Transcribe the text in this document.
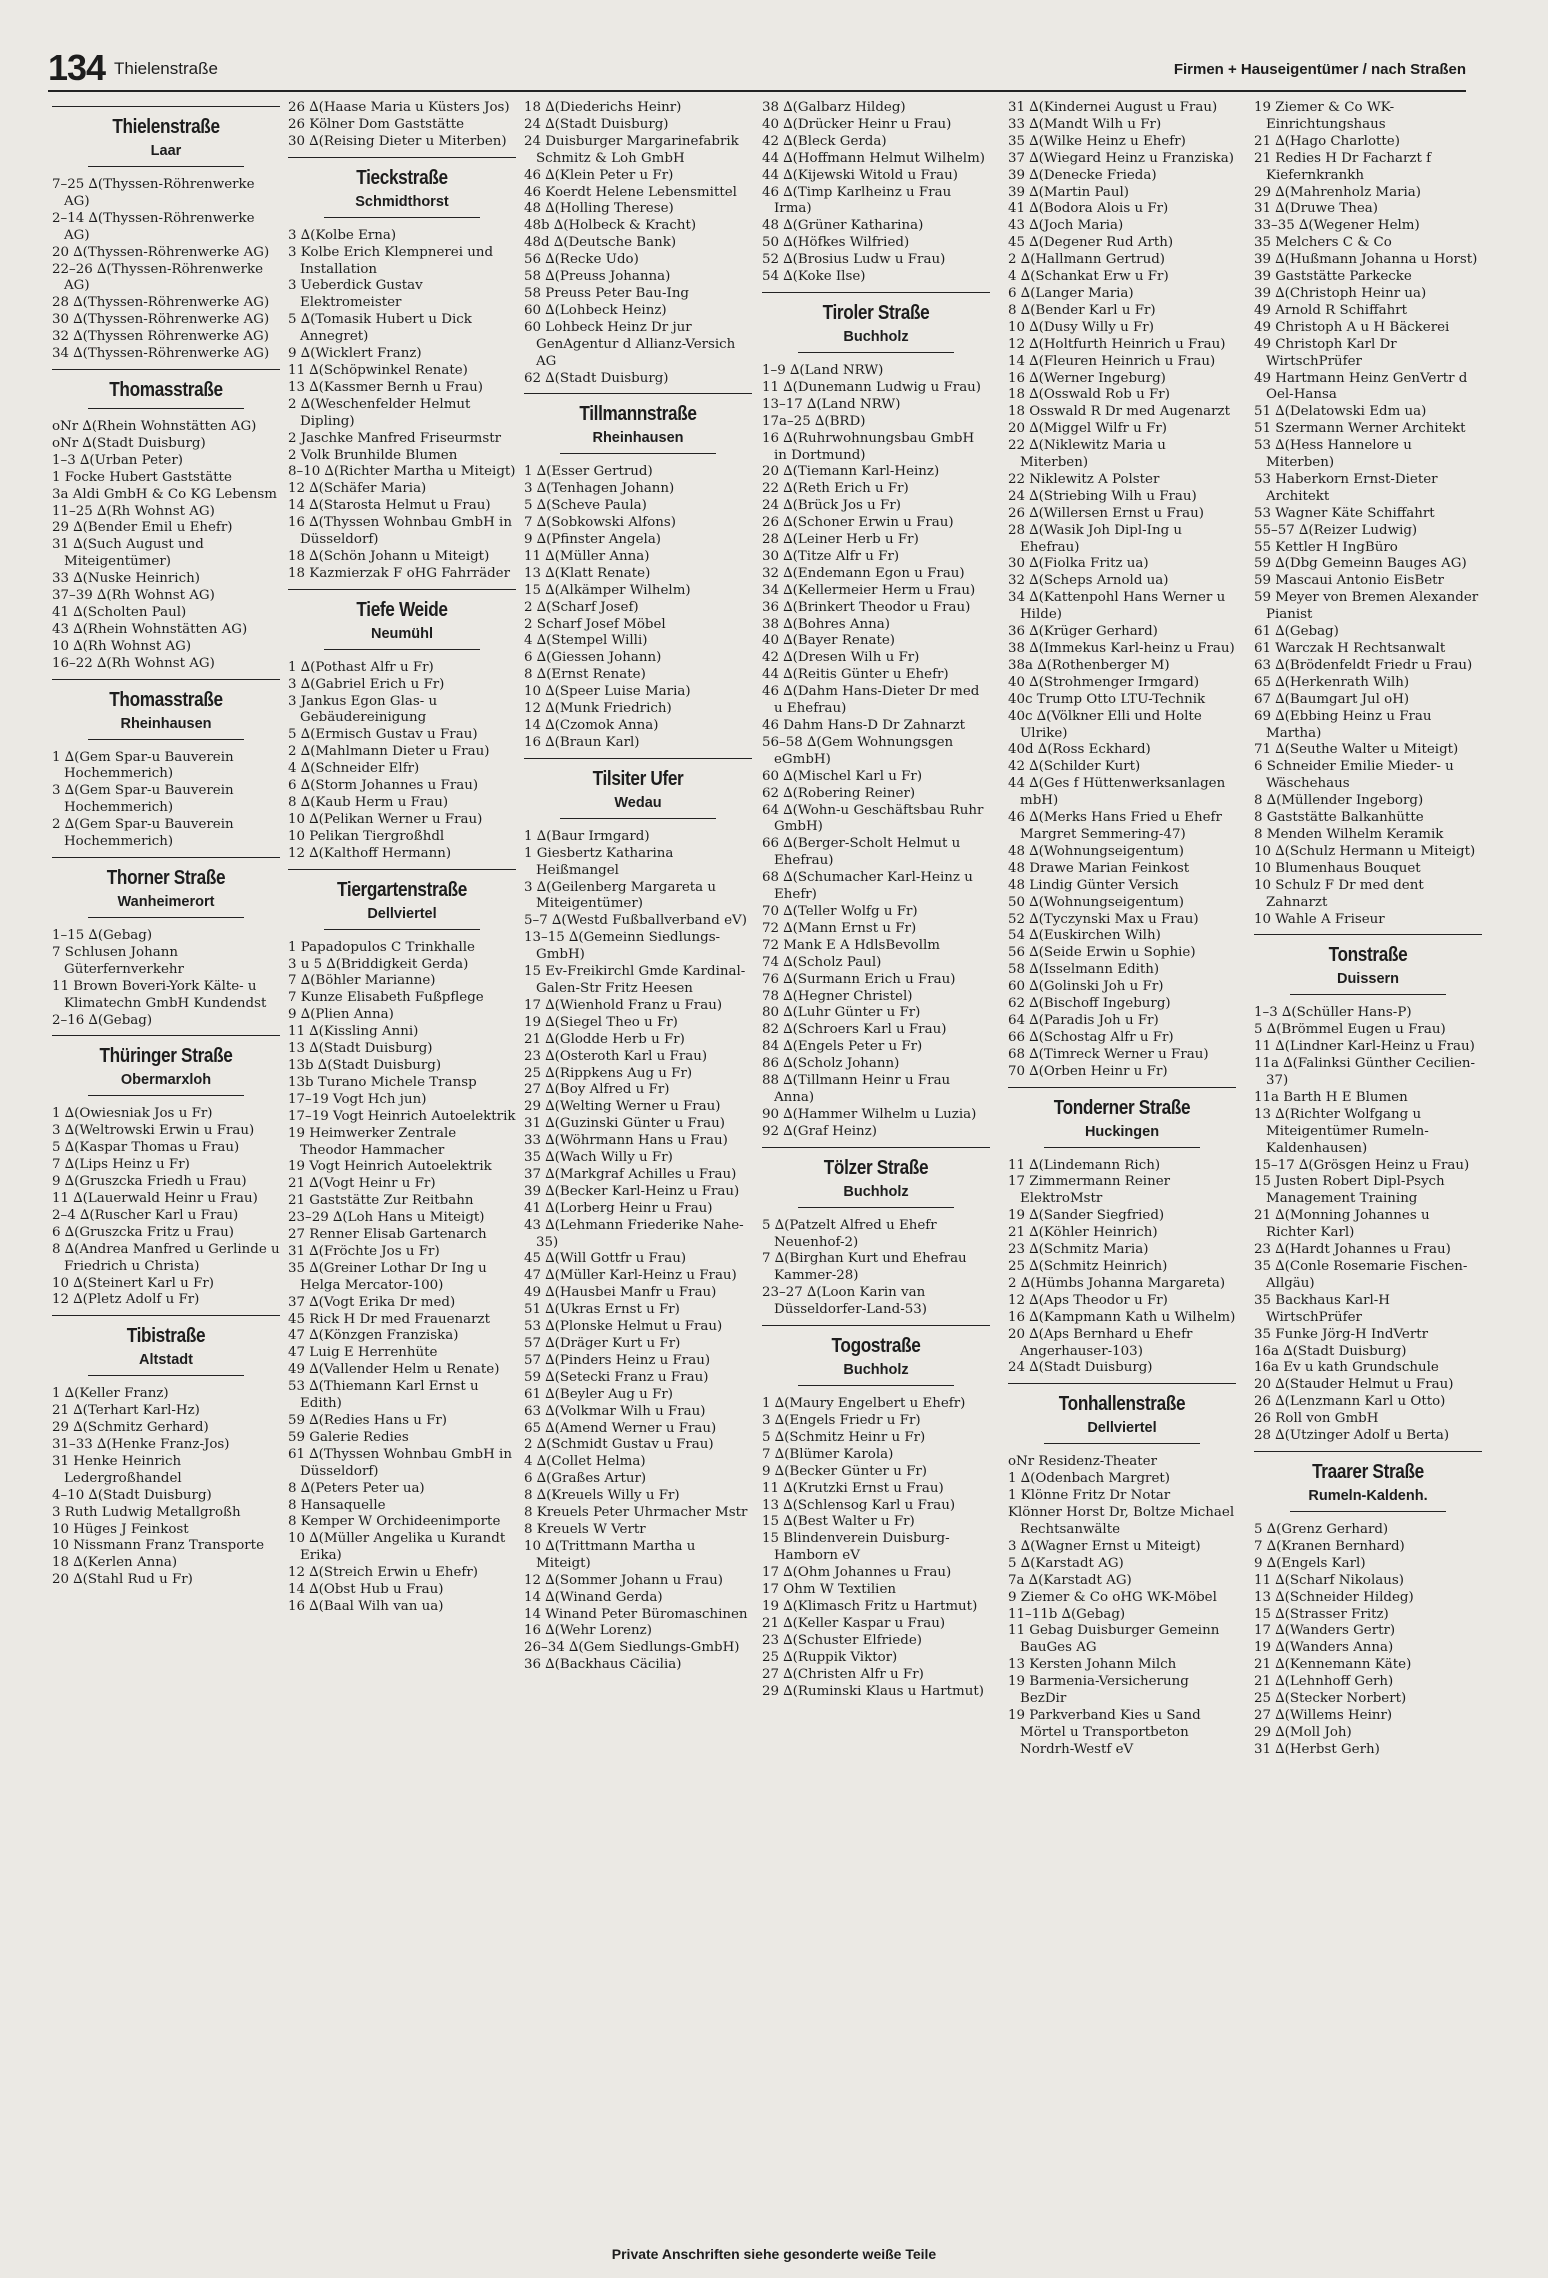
134 Thielenstraße	Firmen + Hauseigentümer / nach Straßen
Thielenstraße
Laar
7–25 ∆(Thyssen-Röhrenwerke AG)
2–14 ∆(Thyssen-Röhrenwerke AG)
20 ∆(Thyssen-Röhrenwerke AG)
22–26 ∆(Thyssen-Röhrenwerke AG)
28 ∆(Thyssen-Röhrenwerke AG)
30 ∆(Thyssen-Röhrenwerke AG)
32 ∆(Thyssen Röhrenwerke AG)
34 ∆(Thyssen-Röhrenwerke AG)
Thomasstraße
oNr ∆(Rhein Wohnstätten AG)
oNr ∆(Stadt Duisburg)
1–3 ∆(Urban Peter)
1 Focke Hubert Gaststätte
3a Aldi GmbH & Co KG Lebensm
11–25 ∆(Rh Wohnst AG)
29 ∆(Bender Emil u Ehefr)
31 ∆(Such August und Miteigentümer)
33 ∆(Nuske Heinrich)
37–39 ∆(Rh Wohnst AG)
41 ∆(Scholten Paul)
43 ∆(Rhein Wohnstätten AG)
10 ∆(Rh Wohnst AG)
16–22 ∆(Rh Wohnst AG)
Thomasstraße
Rheinhausen
1 ∆(Gem Spar-u Bauverein Hochemmerich)
3 ∆(Gem Spar-u Bauverein Hochemmerich)
2 ∆(Gem Spar-u Bauverein Hochemmerich)
Thorner Straße
Wanheimerort
1–15 ∆(Gebag)
7 Schlusen Johann Güterfernverkehr
11 Brown Boveri-York Kälte- u Klimatechn GmbH Kundendst
2–16 ∆(Gebag)
Thüringer Straße
Obermarxloh
1 ∆(Owiesniak Jos u Fr)
3 ∆(Weltrowski Erwin u Frau)
5 ∆(Kaspar Thomas u Frau)
7 ∆(Lips Heinz u Fr)
9 ∆(Gruszcka Friedh u Frau)
11 ∆(Lauerwald Heinr u Frau)
2–4 ∆(Ruscher Karl u Frau)
6 ∆(Gruszcka Fritz u Frau)
8 ∆(Andrea Manfred u Gerlinde u Friedrich u Christa)
10 ∆(Steinert Karl u Fr)
12 ∆(Pletz Adolf u Fr)
Tibistraße
Altstadt
1 ∆(Keller Franz)
21 ∆(Terhart Karl-Hz)
29 ∆(Schmitz Gerhard)
31–33 ∆(Henke Franz-Jos)
31 Henke Heinrich Ledergroßhandel
4–10 ∆(Stadt Duisburg)
3 Ruth Ludwig Metallgroßh
10 Hüges J Feinkost
10 Nissmann Franz Transporte
18 ∆(Kerlen Anna)
20 ∆(Stahl Rud u Fr)
26 ∆(Haase Maria u Küsters Jos)
26 Kölner Dom Gaststätte
30 ∆(Reising Dieter u Miterben)
Tieckstraße
Schmidthorst
3 ∆(Kolbe Erna)
3 Kolbe Erich Klempnerei und Installation
3 Ueberdick Gustav Elektromeister
5 ∆(Tomasik Hubert u Dick Annegret)
9 ∆(Wicklert Franz)
11 ∆(Schöpwinkel Renate)
13 ∆(Kassmer Bernh u Frau)
2 ∆(Weschenfelder Helmut Dipling)
2 Jaschke Manfred Friseurmstr
2 Volk Brunhilde Blumen
8–10 ∆(Richter Martha u Miteigt)
12 ∆(Schäfer Maria)
14 ∆(Starosta Helmut u Frau)
16 ∆(Thyssen Wohnbau GmbH in Düsseldorf)
18 ∆(Schön Johann u Miteigt)
18 Kazmierzak F oHG Fahrräder
Tiefe Weide
Neumühl
1 ∆(Pothast Alfr u Fr)
3 ∆(Gabriel Erich u Fr)
3 Jankus Egon Glas- u Gebäudereinigung
5 ∆(Ermisch Gustav u Frau)
2 ∆(Mahlmann Dieter u Frau)
4 ∆(Schneider Elfr)
6 ∆(Storm Johannes u Frau)
8 ∆(Kaub Herm u Frau)
10 ∆(Pelikan Werner u Frau)
10 Pelikan Tiergroßhdl
12 ∆(Kalthoff Hermann)
Tiergartenstraße
Dellviertel
1 Papadopulos C Trinkhalle
3 u 5 ∆(Briddigkeit Gerda)
7 ∆(Böhler Marianne)
7 Kunze Elisabeth Fußpflege
9 ∆(Plien Anna)
11 ∆(Kissling Anni)
13 ∆(Stadt Duisburg)
13b ∆(Stadt Duisburg)
13b Turano Michele Transp
17–19 Vogt Hch jun)
17–19 Vogt Heinrich Autoelektrik
19 Heimwerker Zentrale Theodor Hammacher
19 Vogt Heinrich Autoelektrik
21 ∆(Vogt Heinr u Fr)
21 Gaststätte Zur Reitbahn
23–29 ∆(Loh Hans u Miteigt)
27 Renner Elisab Gartenarch
31 ∆(Fröchte Jos u Fr)
35 ∆(Greiner Lothar Dr Ing u Helga Mercator-100)
37 ∆(Vogt Erika Dr med)
45 Rick H Dr med Frauenarzt
47 ∆(Könzgen Franziska)
47 Luig E Herrenhüte
49 ∆(Vallender Helm u Renate)
53 ∆(Thiemann Karl Ernst u Edith)
59 ∆(Redies Hans u Fr)
59 Galerie Redies
61 ∆(Thyssen Wohnbau GmbH in Düsseldorf)
8 ∆(Peters Peter ua)
8 Hansaquelle
8 Kemper W Orchideenimporte
10 ∆(Müller Angelika u Kurandt Erika)
12 ∆(Streich Erwin u Ehefr)
14 ∆(Obst Hub u Frau)
16 ∆(Baal Wilh van ua)
18 ∆(Diederichs Heinr)
24 ∆(Stadt Duisburg)
24 Duisburger Margarinefabrik Schmitz & Loh GmbH
46 ∆(Klein Peter u Fr)
46 Koerdt Helene Lebensmittel
48 ∆(Holling Therese)
48b ∆(Holbeck & Kracht)
48d ∆(Deutsche Bank)
56 ∆(Recke Udo)
58 ∆(Preuss Johanna)
58 Preuss Peter Bau-Ing
60 ∆(Lohbeck Heinz)
60 Lohbeck Heinz Dr jur GenAgentur d Allianz-Versich AG
62 ∆(Stadt Duisburg)
Tillmannstraße
Rheinhausen
1 ∆(Esser Gertrud)
3 ∆(Tenhagen Johann)
5 ∆(Scheve Paula)
7 ∆(Sobkowski Alfons)
9 ∆(Pfinster Angela)
11 ∆(Müller Anna)
13 ∆(Klatt Renate)
15 ∆(Alkämper Wilhelm)
2 ∆(Scharf Josef)
2 Scharf Josef Möbel
4 ∆(Stempel Willi)
6 ∆(Giessen Johann)
8 ∆(Ernst Renate)
10 ∆(Speer Luise Maria)
12 ∆(Munk Friedrich)
14 ∆(Czomok Anna)
16 ∆(Braun Karl)
Tilsiter Ufer
Wedau
1 ∆(Baur Irmgard)
1 Giesbertz Katharina Heißmangel
3 ∆(Geilenberg Margareta u Miteigentümer)
5–7 ∆(Westd Fußballverband eV)
13–15 ∆(Gemeinn Siedlungs-GmbH)
15 Ev-Freikirchl Gmde Kardinal-Galen-Str Fritz Heesen
17 ∆(Wienhold Franz u Frau)
19 ∆(Siegel Theo u Fr)
21 ∆(Glodde Herb u Fr)
23 ∆(Osteroth Karl u Frau)
25 ∆(Rippkens Aug u Fr)
27 ∆(Boy Alfred u Fr)
29 ∆(Welting Werner u Frau)
31 ∆(Guzinski Günter u Frau)
33 ∆(Wöhrmann Hans u Frau)
35 ∆(Wach Willy u Fr)
37 ∆(Markgraf Achilles u Frau)
39 ∆(Becker Karl-Heinz u Frau)
41 ∆(Lorberg Heinr u Frau)
43 ∆(Lehmann Friederike Nahe-35)
45 ∆(Will Gottfr u Frau)
47 ∆(Müller Karl-Heinz u Frau)
49 ∆(Hausbei Manfr u Frau)
51 ∆(Ukras Ernst u Fr)
53 ∆(Plonske Helmut u Frau)
57 ∆(Dräger Kurt u Fr)
57 ∆(Pinders Heinz u Frau)
59 ∆(Setecki Franz u Frau)
61 ∆(Beyler Aug u Fr)
63 ∆(Volkmar Wilh u Frau)
65 ∆(Amend Werner u Frau)
2 ∆(Schmidt Gustav u Frau)
4 ∆(Collet Helma)
6 ∆(Graßes Artur)
8 ∆(Kreuels Willy u Fr)
8 Kreuels Peter Uhrmacher Mstr
8 Kreuels W Vertr
10 ∆(Trittmann Martha u Miteigt)
12 ∆(Sommer Johann u Frau)
14 ∆(Winand Gerda)
14 Winand Peter Büromaschinen
16 ∆(Wehr Lorenz)
26–34 ∆(Gem Siedlungs-GmbH)
36 ∆(Backhaus Cäcilia)
38 ∆(Galbarz Hildeg)
40 ∆(Drücker Heinr u Frau)
42 ∆(Bleck Gerda)
44 ∆(Hoffmann Helmut Wilhelm)
44 ∆(Kijewski Witold u Frau)
46 ∆(Timp Karlheinz u Frau Irma)
48 ∆(Grüner Katharina)
50 ∆(Höfkes Wilfried)
52 ∆(Brosius Ludw u Frau)
54 ∆(Koke Ilse)
Tiroler Straße
Buchholz
1–9 ∆(Land NRW)
11 ∆(Dunemann Ludwig u Frau)
13–17 ∆(Land NRW)
17a–25 ∆(BRD)
16 ∆(Ruhrwohnungsbau GmbH in Dortmund)
20 ∆(Tiemann Karl-Heinz)
22 ∆(Reth Erich u Fr)
24 ∆(Brück Jos u Fr)
26 ∆(Schoner Erwin u Frau)
28 ∆(Leiner Herb u Fr)
30 ∆(Titze Alfr u Fr)
32 ∆(Endemann Egon u Frau)
34 ∆(Kellermeier Herm u Frau)
36 ∆(Brinkert Theodor u Frau)
38 ∆(Bohres Anna)
40 ∆(Bayer Renate)
42 ∆(Dresen Wilh u Fr)
44 ∆(Reitis Günter u Ehefr)
46 ∆(Dahm Hans-Dieter Dr med u Ehefrau)
46 Dahm Hans-D Dr Zahnarzt
56–58 ∆(Gem Wohnungsgen eGmbH)
60 ∆(Mischel Karl u Fr)
62 ∆(Robering Reiner)
64 ∆(Wohn-u Geschäftsbau Ruhr GmbH)
66 ∆(Berger-Scholt Helmut u Ehefrau)
68 ∆(Schumacher Karl-Heinz u Ehefr)
70 ∆(Teller Wolfg u Fr)
72 ∆(Mann Ernst u Fr)
72 Mank E A HdlsBevollm
74 ∆(Scholz Paul)
76 ∆(Surmann Erich u Frau)
78 ∆(Hegner Christel)
80 ∆(Luhr Günter u Fr)
82 ∆(Schroers Karl u Frau)
84 ∆(Engels Peter u Fr)
86 ∆(Scholz Johann)
88 ∆(Tillmann Heinr u Frau Anna)
90 ∆(Hammer Wilhelm u Luzia)
92 ∆(Graf Heinz)
Tölzer Straße
Buchholz
5 ∆(Patzelt Alfred u Ehefr Neuenhof-2)
7 ∆(Birghan Kurt und Ehefrau Kammer-28)
23–27 ∆(Loon Karin van Düsseldorfer-Land-53)
Togostraße
Buchholz
1 ∆(Maury Engelbert u Ehefr)
3 ∆(Engels Friedr u Fr)
5 ∆(Schmitz Heinr u Fr)
7 ∆(Blümer Karola)
9 ∆(Becker Günter u Fr)
11 ∆(Krutzki Ernst u Frau)
13 ∆(Schlensog Karl u Frau)
15 ∆(Best Walter u Fr)
15 Blindenverein Duisburg-Hamborn eV
17 ∆(Ohm Johannes u Frau)
17 Ohm W Textilien
19 ∆(Klimasch Fritz u Hartmut)
21 ∆(Keller Kaspar u Frau)
23 ∆(Schuster Elfriede)
25 ∆(Ruppik Viktor)
27 ∆(Christen Alfr u Fr)
29 ∆(Ruminski Klaus u Hartmut)
31 ∆(Kindernei August u Frau)
33 ∆(Mandt Wilh u Fr)
35 ∆(Wilke Heinz u Ehefr)
37 ∆(Wiegard Heinz u Franziska)
39 ∆(Denecke Frieda)
39 ∆(Martin Paul)
41 ∆(Bodora Alois u Fr)
43 ∆(Joch Maria)
45 ∆(Degener Rud Arth)
2 ∆(Hallmann Gertrud)
4 ∆(Schankat Erw u Fr)
6 ∆(Langer Maria)
8 ∆(Bender Karl u Fr)
10 ∆(Dusy Willy u Fr)
12 ∆(Holtfurth Heinrich u Frau)
14 ∆(Fleuren Heinrich u Frau)
16 ∆(Werner Ingeburg)
18 ∆(Osswald Rob u Fr)
18 Osswald R Dr med Augenarzt
20 ∆(Miggel Wilfr u Fr)
22 ∆(Niklewitz Maria u Miterben)
22 Niklewitz A Polster
24 ∆(Striebing Wilh u Frau)
26 ∆(Willersen Ernst u Frau)
28 ∆(Wasik Joh Dipl-Ing u Ehefrau)
30 ∆(Fiolka Fritz ua)
32 ∆(Scheps Arnold ua)
34 ∆(Kattenpohl Hans Werner u Hilde)
36 ∆(Krüger Gerhard)
38 ∆(Immekus Karl-heinz u Frau)
38a ∆(Rothenberger M)
40 ∆(Strohmenger Irmgard)
40c Trump Otto LTU-Technik
40c ∆(Völkner Elli und Holte Ulrike)
40d ∆(Ross Eckhard)
42 ∆(Schilder Kurt)
44 ∆(Ges f Hüttenwerksanlagen mbH)
46 ∆(Merks Hans Fried u Ehefr Margret Semmering-47)
48 ∆(Wohnungseigentum)
48 Drawe Marian Feinkost
48 Lindig Günter Versich
50 ∆(Wohnungseigentum)
52 ∆(Tyczynski Max u Frau)
54 ∆(Euskirchen Wilh)
56 ∆(Seide Erwin u Sophie)
58 ∆(Isselmann Edith)
60 ∆(Golinski Joh u Fr)
62 ∆(Bischoff Ingeburg)
64 ∆(Paradis Joh u Fr)
66 ∆(Schostag Alfr u Fr)
68 ∆(Timreck Werner u Frau)
70 ∆(Orben Heinr u Fr)
Tonderner Straße
Huckingen
11 ∆(Lindemann Rich)
17 Zimmermann Reiner ElektroMstr
19 ∆(Sander Siegfried)
21 ∆(Köhler Heinrich)
23 ∆(Schmitz Maria)
25 ∆(Schmitz Heinrich)
2 ∆(Hümbs Johanna Margareta)
12 ∆(Aps Theodor u Fr)
16 ∆(Kampmann Kath u Wilhelm)
20 ∆(Aps Bernhard u Ehefr Angerhauser-103)
24 ∆(Stadt Duisburg)
Tonhallenstraße
Dellviertel
oNr Residenz-Theater
1 ∆(Odenbach Margret)
1 Klönne Fritz Dr Notar
Klönner Horst Dr, Boltze Michael Rechtsanwälte
3 ∆(Wagner Ernst u Miteigt)
5 ∆(Karstadt AG)
7a ∆(Karstadt AG)
9 Ziemer & Co oHG WK-Möbel
11–11b ∆(Gebag)
11 Gebag Duisburger Gemeinn BauGes AG
13 Kersten Johann Milch
19 Barmenia-Versicherung BezDir
19 Parkverband Kies u Sand Mörtel u Transportbeton Nordrh-Westf eV
19 Ziemer & Co WK-Einrichtungshaus
21 ∆(Hago Charlotte)
21 Redies H Dr Facharzt f Kiefernkrankh
29 ∆(Mahrenholz Maria)
31 ∆(Druwe Thea)
33–35 ∆(Wegener Helm)
35 Melchers C & Co
39 ∆(Hußmann Johanna u Horst)
39 Gaststätte Parkecke
39 ∆(Christoph Heinr ua)
49 Arnold R Schiffahrt
49 Christoph A u H Bäckerei
49 Christoph Karl Dr WirtschPrüfer
49 Hartmann Heinz GenVertr d Oel-Hansa
51 ∆(Delatowski Edm ua)
51 Szermann Werner Architekt
53 ∆(Hess Hannelore u Miterben)
53 Haberkorn Ernst-Dieter Architekt
53 Wagner Käte Schiffahrt
55–57 ∆(Reizer Ludwig)
55 Kettler H IngBüro
59 ∆(Dbg Gemeinn Bauges AG)
59 Mascaui Antonio EisBetr
59 Meyer von Bremen Alexander Pianist
61 ∆(Gebag)
61 Warczak H Rechtsanwalt
63 ∆(Brödenfeldt Friedr u Frau)
65 ∆(Herkenrath Wilh)
67 ∆(Baumgart Jul oH)
69 ∆(Ebbing Heinz u Frau Martha)
71 ∆(Seuthe Walter u Miteigt)
6 Schneider Emilie Mieder- u Wäschehaus
8 ∆(Müllender Ingeborg)
8 Gaststätte Balkanhütte
8 Menden Wilhelm Keramik
10 ∆(Schulz Hermann u Miteigt)
10 Blumenhaus Bouquet
10 Schulz F Dr med dent Zahnarzt
10 Wahle A Friseur
Tonstraße
Duissern
1–3 ∆(Schüller Hans-P)
5 ∆(Brömmel Eugen u Frau)
11 ∆(Lindner Karl-Heinz u Frau)
11a ∆(Falinksi Günther Cecilien-37)
11a Barth H E Blumen
13 ∆(Richter Wolfgang u Miteigentümer Rumeln-Kaldenhausen)
15–17 ∆(Grösgen Heinz u Frau)
15 Justen Robert Dipl-Psych Management Training
21 ∆(Monning Johannes u Richter Karl)
23 ∆(Hardt Johannes u Frau)
35 ∆(Conle Rosemarie Fischen-Allgäu)
35 Backhaus Karl-H WirtschPrüfer
35 Funke Jörg-H IndVertr
16a ∆(Stadt Duisburg)
16a Ev u kath Grundschule
20 ∆(Stauder Helmut u Frau)
26 ∆(Lenzmann Karl u Otto)
26 Roll von GmbH
28 ∆(Utzinger Adolf u Berta)
Traarer Straße
Rumeln-Kaldenh.
5 ∆(Grenz Gerhard)
7 ∆(Kranen Bernhard)
9 ∆(Engels Karl)
11 ∆(Scharf Nikolaus)
13 ∆(Schneider Hildeg)
15 ∆(Strasser Fritz)
17 ∆(Wanders Gertr)
19 ∆(Wanders Anna)
21 ∆(Kennemann Käte)
21 ∆(Lehnhoff Gerh)
25 ∆(Stecker Norbert)
27 ∆(Willems Heinr)
29 ∆(Moll Joh)
31 ∆(Herbst Gerh)
Private Anschriften siehe gesonderte weiße Teile
